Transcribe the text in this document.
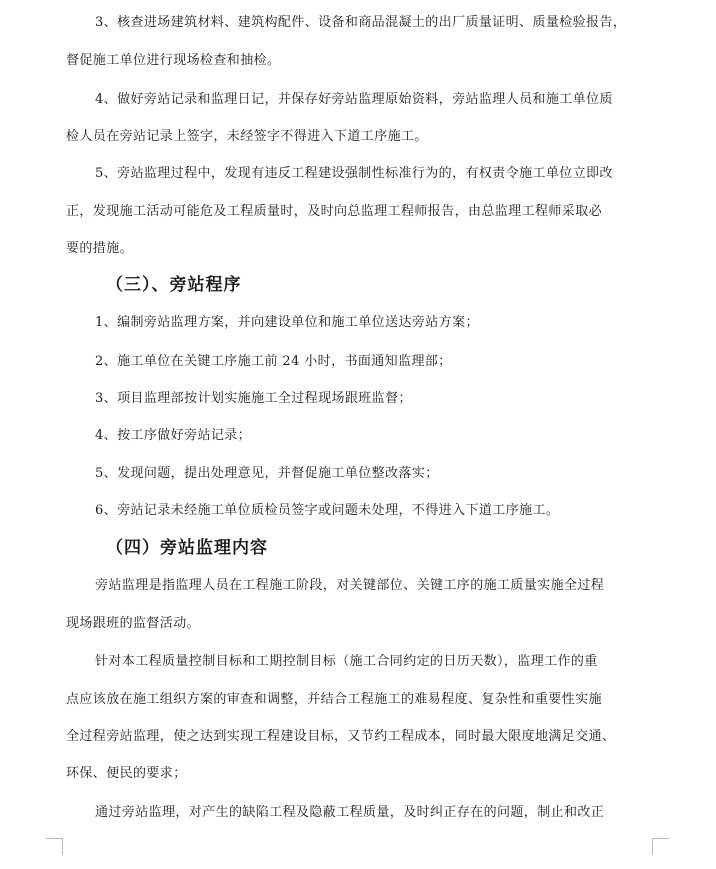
3、核查进场建筑材料、建筑构配件、设备和商品混凝土的出厂质量证明、质量检验报告，
督促施工单位进行现场检查和抽检。
4、做好旁站记录和监理日记，并保存好旁站监理原始资料，旁站监理人员和施工单位质
检人员在旁站记录上签字，未经签字不得进入下道工序施工。
5、旁站监理过程中，发现有违反工程建设强制性标准行为的，有权责令施工单位立即改
正，发现施工活动可能危及工程质量时，及时向总监理工程师报告，由总监理工程师采取必
要的措施。
（三）、旁站程序
1、编制旁站监理方案，并向建设单位和施工单位送达旁站方案；
2、施工单位在关键工序施工前 24 小时，书面通知监理部；
3、项目监理部按计划实施施工全过程现场跟班监督；
4、按工序做好旁站记录；
5、发现问题，提出处理意见，并督促施工单位整改落实；
6、旁站记录未经施工单位质检员签字或问题未处理，不得进入下道工序施工。
（四）旁站监理内容
旁站监理是指监理人员在工程施工阶段，对关键部位、关键工序的施工质量实施全过程
现场跟班的监督活动。
针对本工程质量控制目标和工期控制目标（施工合同约定的日历天数），监理工作的重
点应该放在施工组织方案的审查和调整，并结合工程施工的难易程度、复杂性和重要性实施
全过程旁站监理，使之达到实现工程建设目标，又节约工程成本，同时最大限度地满足交通、
环保、便民的要求；
通过旁站监理，对产生的缺陷工程及隐蔽工程质量，及时纠正存在的问题，制止和改正
